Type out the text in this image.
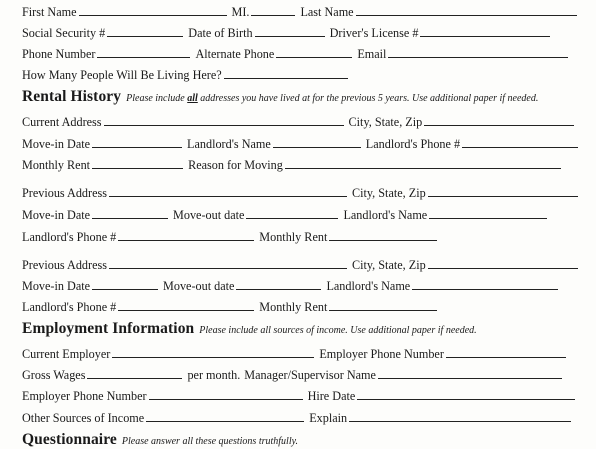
First Name	MI.	Last Name
Social Security #	Date of Birth	Driver's License #
Phone Number	Alternate Phone	Email
How Many People Will Be Living Here?
Rental History Please include all addresses you have lived at for the previous 5 years. Use additional paper if needed.
Current Address	City, State, Zip
Move-in Date	Landlord's Name	Landlord's Phone #
Monthly Rent	Reason for Moving
Previous Address	City, State, Zip
Move-in Date	Move-out date	Landlord's Name
Landlord's Phone #	Monthly Rent
Previous Address	City, State, Zip
Move-in Date	Move-out date	Landlord's Name
Landlord's Phone #	Monthly Rent
Employment Information Please include all sources of income. Use additional paper if needed.
Current Employer	Employer Phone Number
Gross Wages	per month. Manager/Supervisor Name
Employer Phone Number	Hire Date
Other Sources of Income	Explain
Questionnaire Please answer all these questions truthfully.
